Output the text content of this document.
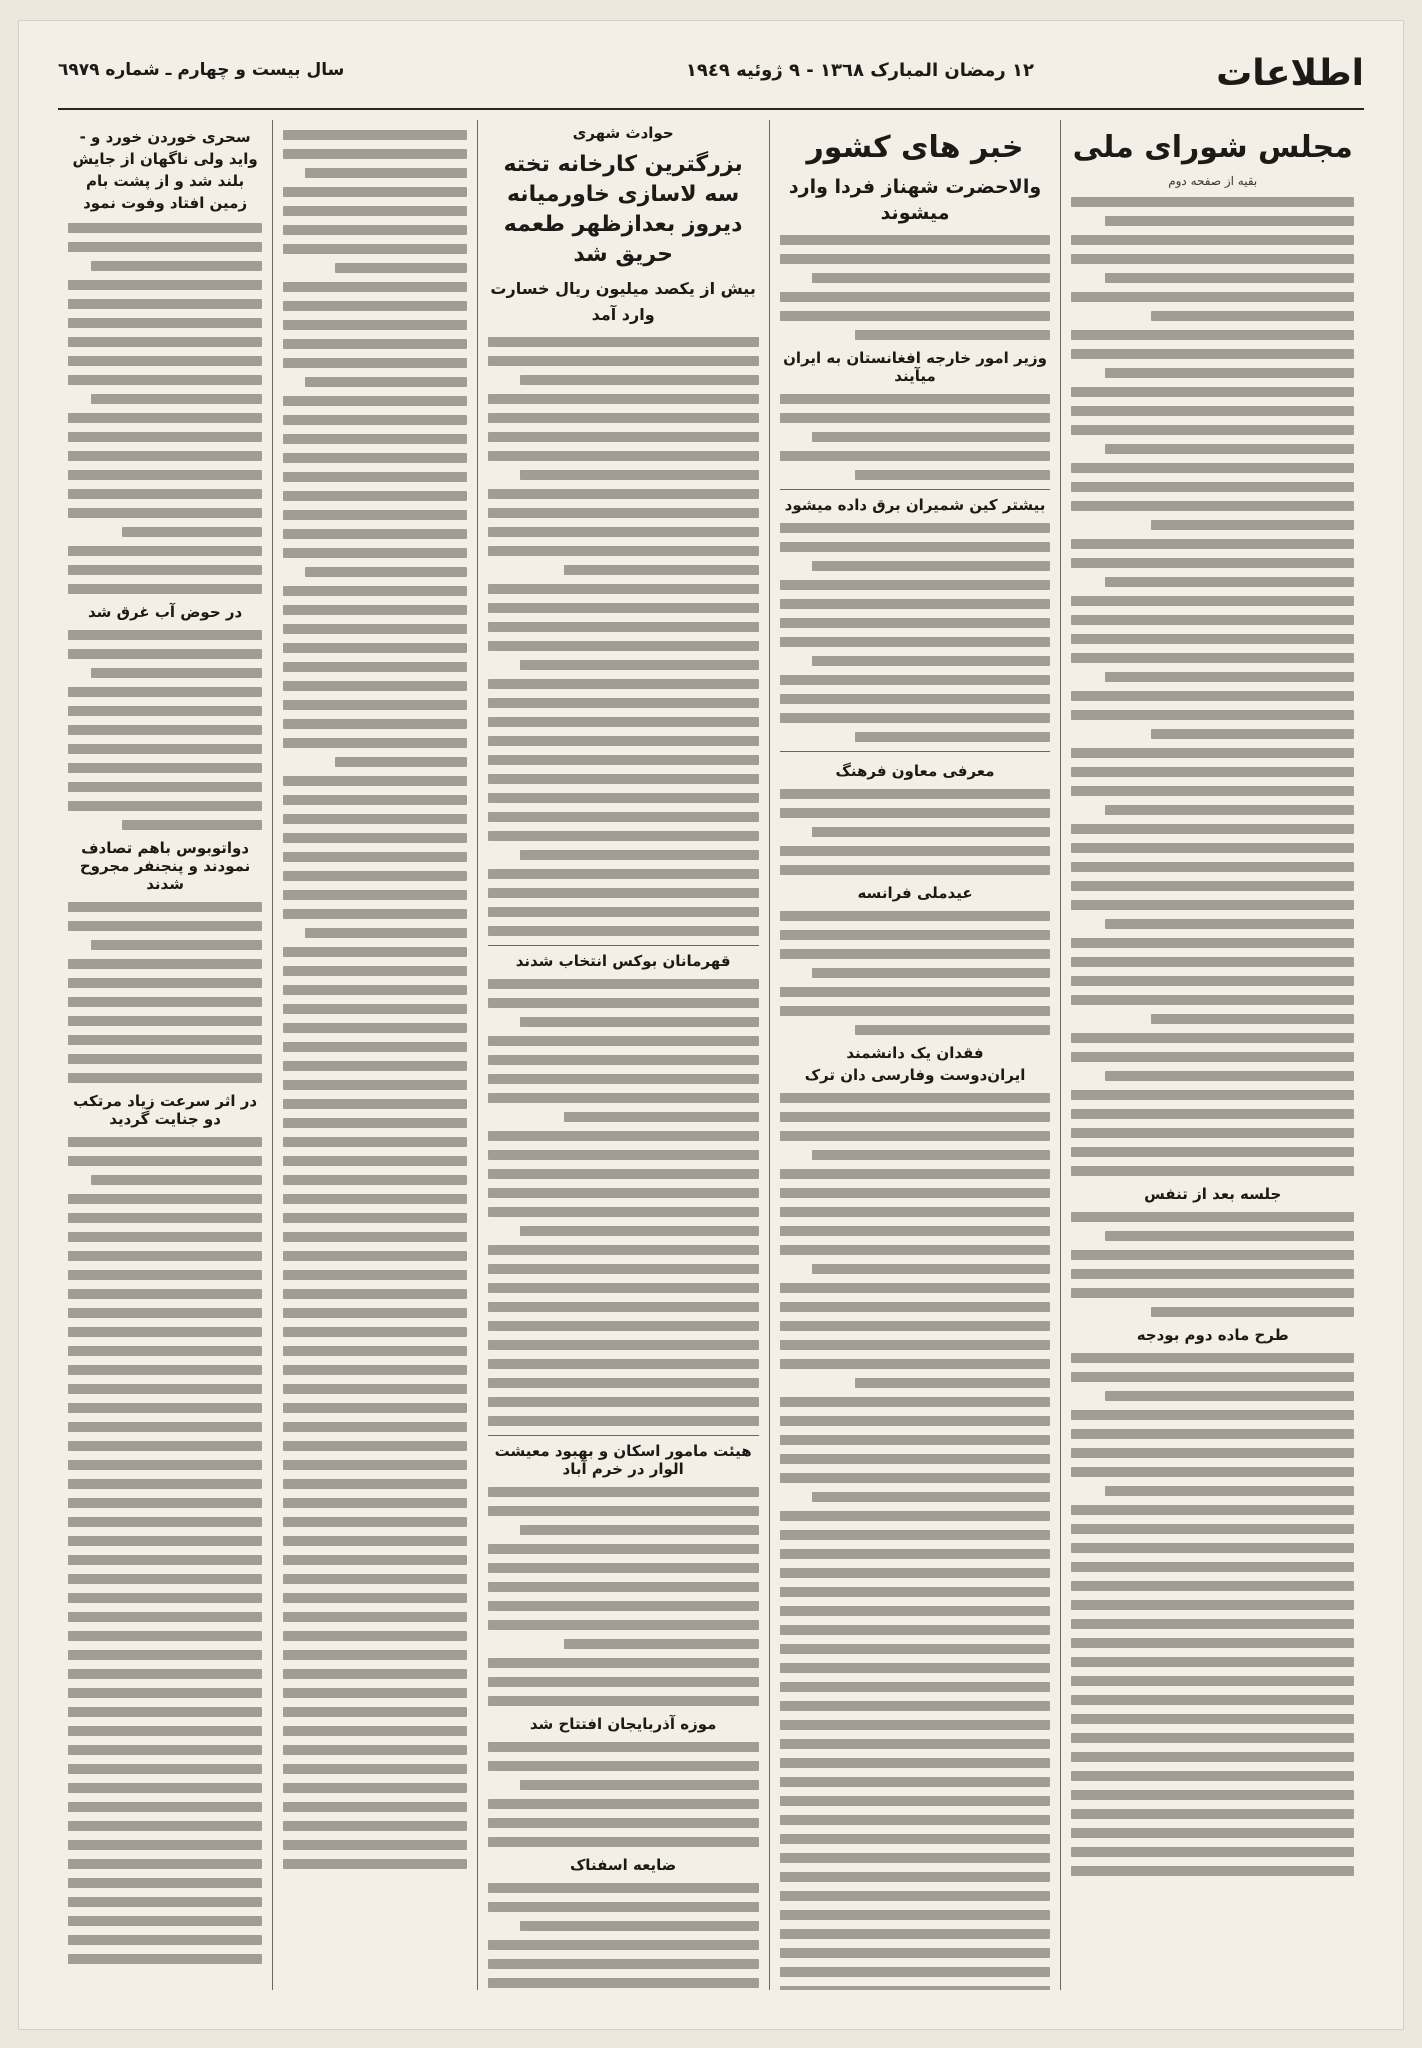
اطلاعات
١٢ رمضان المبارک ١٣٦٨ - ٩ ژوئیه ١٩٤٩
سال بیست و چهارم ـ شماره ٦٩٧٩
مجلس شورای ملی
بقیه از صفحه دوم
جلسه بعد از تنفس
طرح ماده دوم بودجه
خبر های کشور
والاحضرت شهناز فردا وارد میشوند
وزیر امور خارجه افغانستان به ایران میآیند
بیشتر کین شمیران برق داده میشود
معرفی معاون فرهنگ
عیدملی فرانسه
فقدان یک دانشمند
ایران‌دوست وفارسی دان ترک
حوادث شهری
بزرگترین کارخانه تخته سه لاسازی خاورمیانه دیروز بعدازظهر طعمه حریق شد
بیش از یکصد میلیون ریال خسارت وارد آمد
قهرمانان بوکس انتخاب شدند
هیئت مامور اسکان و بهبود معیشت الوار در خرم آباد
موزه آذربایجان افتتاح شد
ضایعه اسفناک
سحری خوردن خورد و - واید ولی ناگهان از جایش بلند شد و از پشت بام زمین افتاد وفوت نمود
در حوض آب غرق شد
دواتوبوس باهم تصادف نمودند و پنجنفر مجروح شدند
در اثر سرعت زیاد مرتکب دو جنایت گردید
